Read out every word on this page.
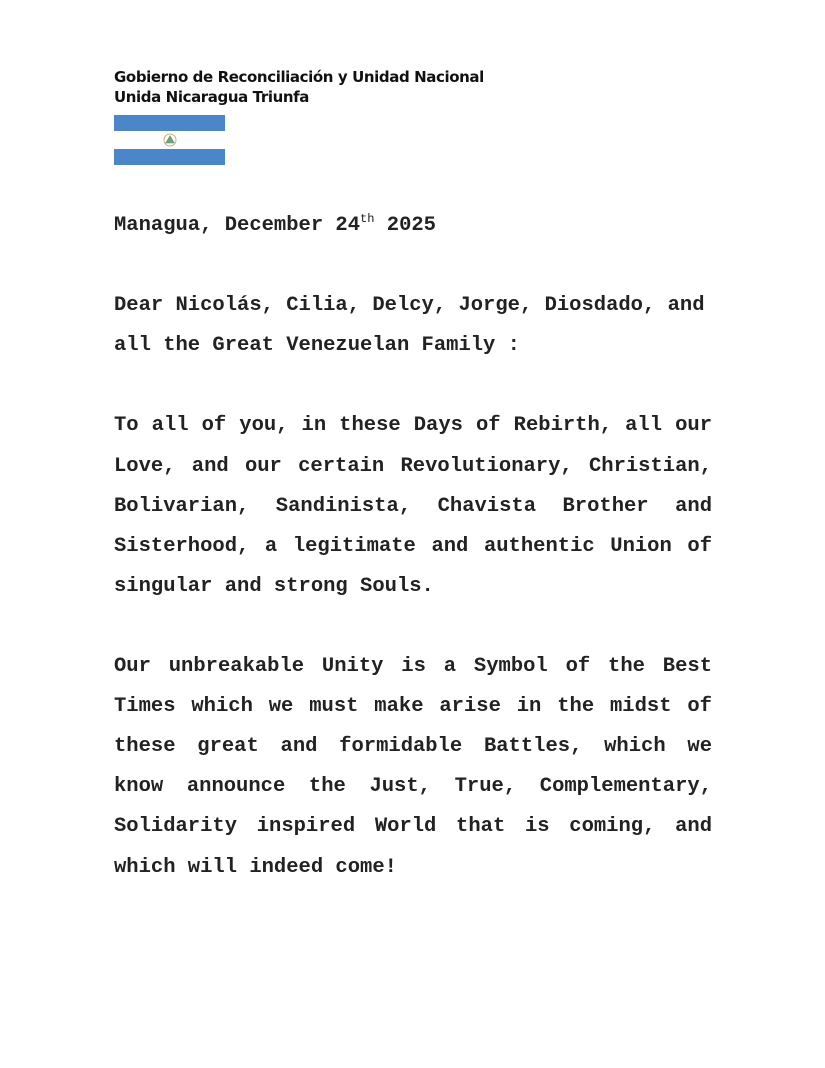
Gobierno de Reconciliación y Unidad Nacional
Unida Nicaragua Triunfa

Managua, December 24th 2025

Dear Nicolás, Cilia, Delcy, Jorge, Diosdado, and all the Great Venezuelan Family :

To all of you, in these Days of Rebirth, all our Love, and our certain Revolutionary, Christian, Bolivarian, Sandinista, Chavista Brother and Sisterhood, a legitimate and authentic Union of singular and strong Souls.

Our unbreakable Unity is a Symbol of the Best Times which we must make arise in the midst of these great and formidable Battles, which we know announce the Just, True, Complementary, Solidarity inspired World that is coming, and which will indeed come!
